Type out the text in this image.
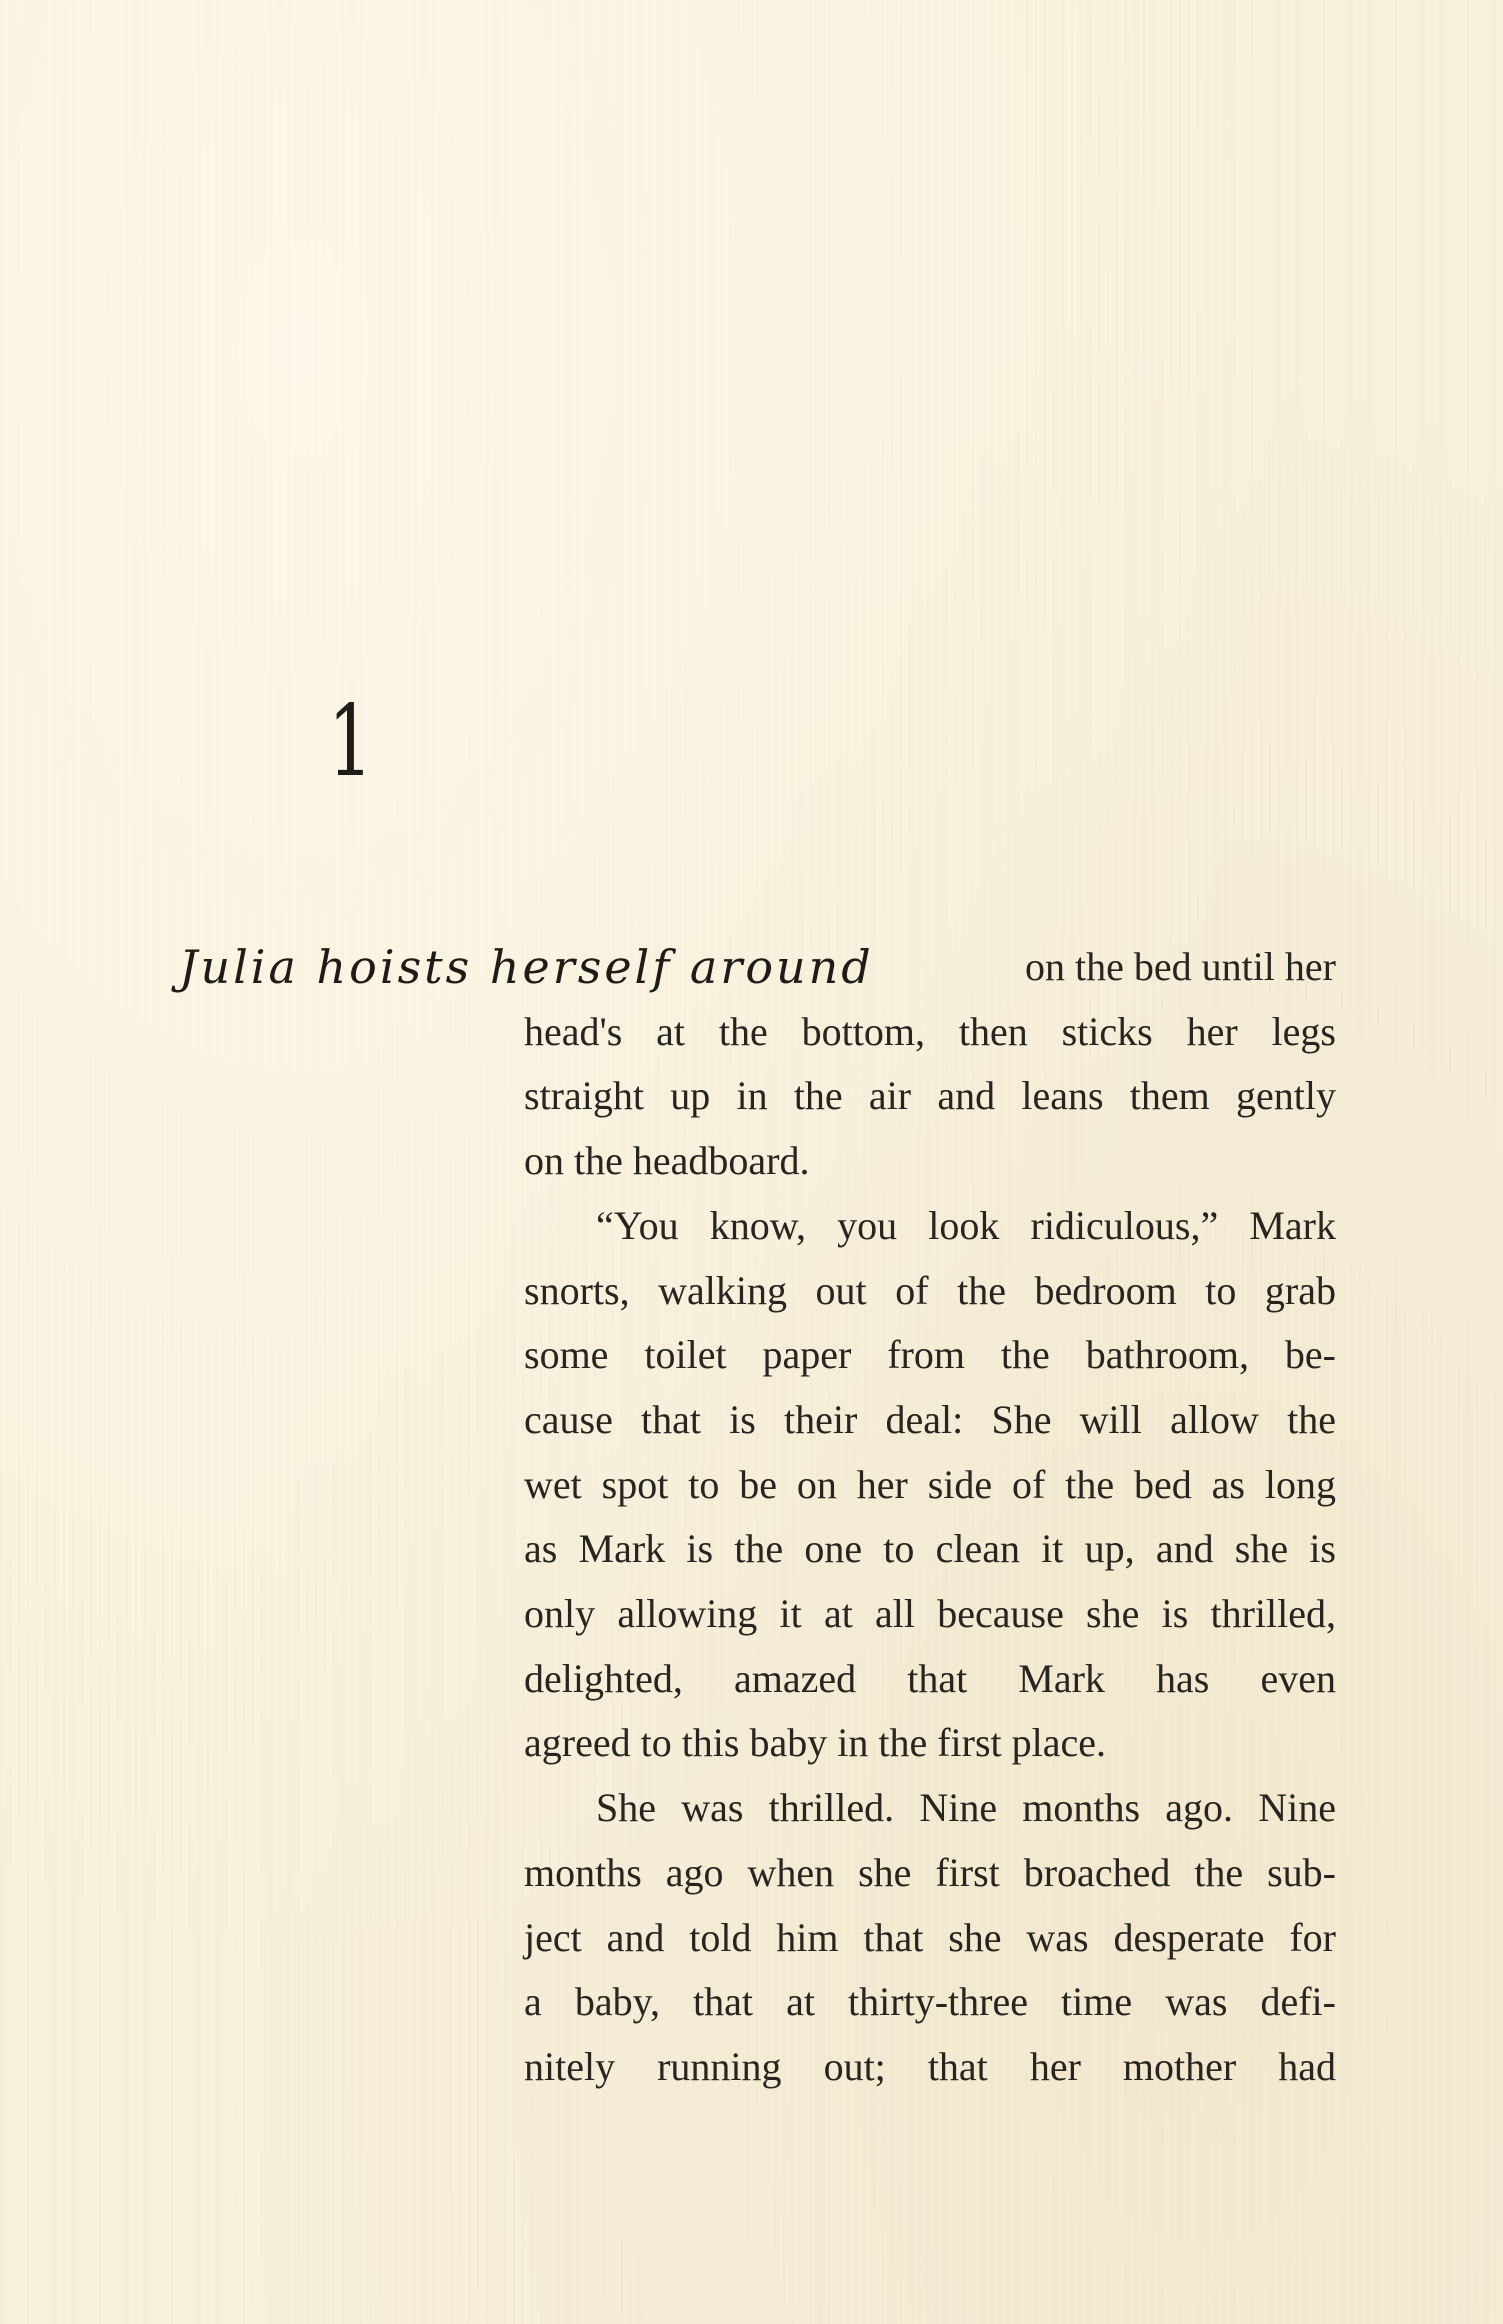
1
Julia hoists herself around	on the bed until her
head's at the bottom, then sticks her legs
straight up in the air and leans them gently
on the headboard.
“You know, you look ridiculous,” Mark
snorts, walking out of the bedroom to grab
some toilet paper from the bathroom, be-
cause that is their deal: She will allow the
wet spot to be on her side of the bed as long
as Mark is the one to clean it up, and she is
only allowing it at all because she is thrilled,
delighted, amazed that Mark has even
agreed to this baby in the first place.
She was thrilled. Nine months ago. Nine
months ago when she first broached the sub-
ject and told him that she was desperate for
a baby, that at thirty-three time was defi-
nitely running out; that her mother had
